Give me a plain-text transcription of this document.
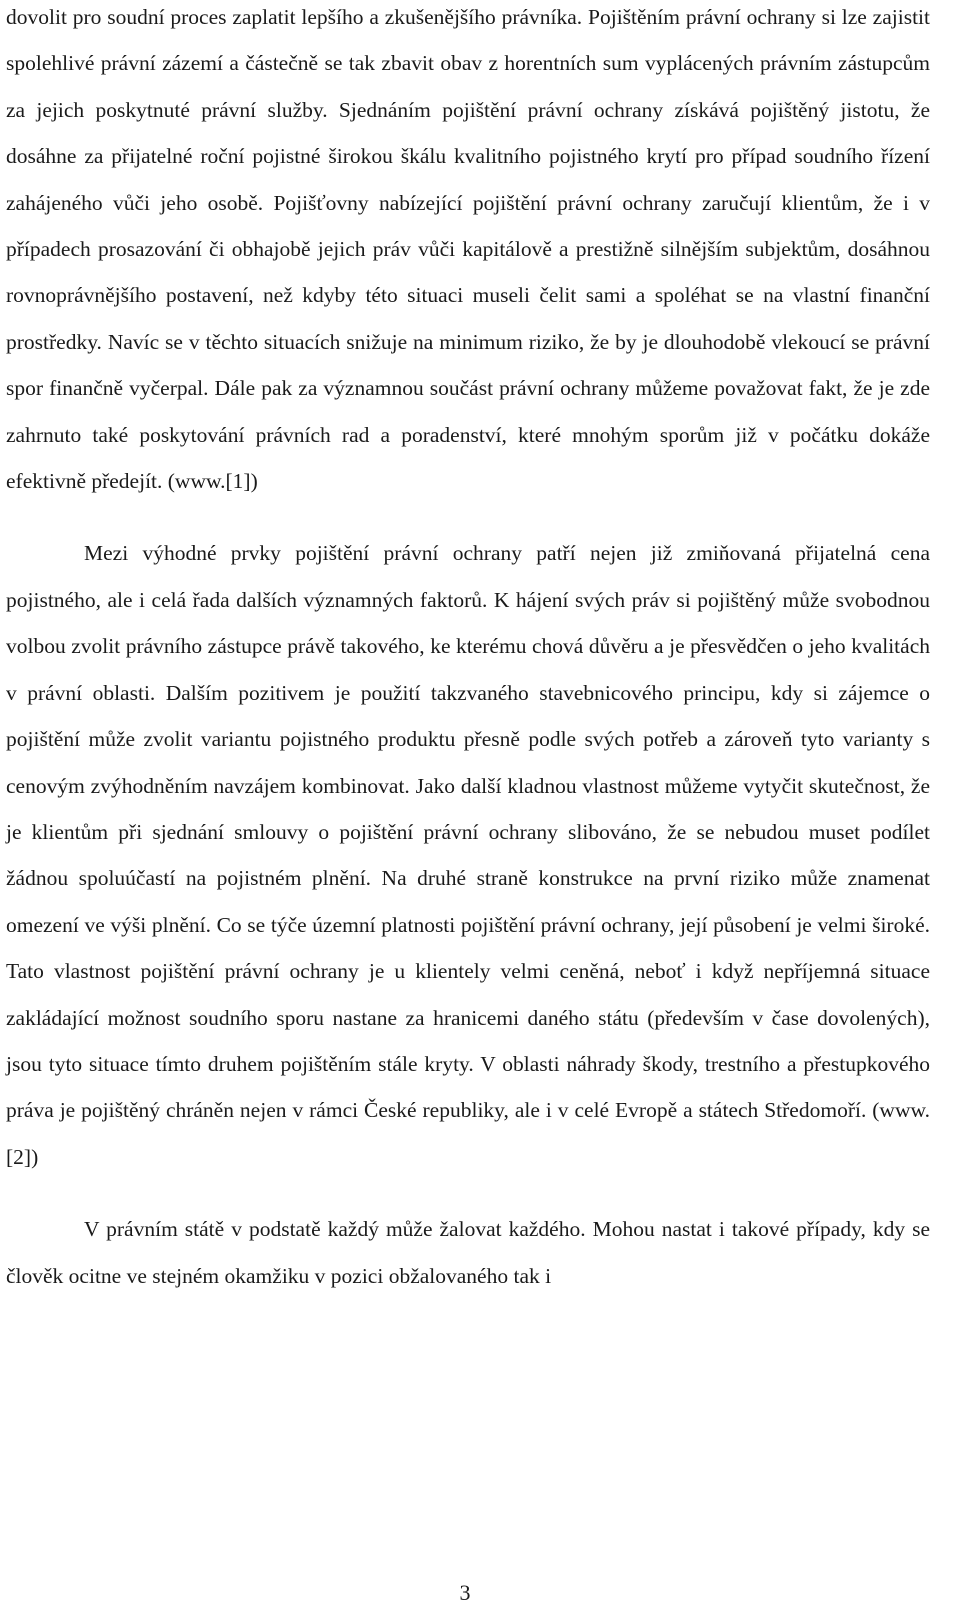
dovolit pro soudní proces zaplatit lepšího a zkušenějšího právníka. Pojištěním právní ochrany si lze zajistit spolehlivé právní zázemí a částečně se tak zbavit obav z horentních sum vyplácených právním zástupcům za jejich poskytnuté právní služby. Sjednáním pojištění právní ochrany získává pojištěný jistotu, že dosáhne za přijatelné roční pojistné širokou škálu kvalitního pojistného krytí pro případ soudního řízení zahájeného vůči jeho osobě. Pojišťovny nabízející pojištění právní ochrany zaručují klientům, že i v případech prosazování či obhajobě jejich práv vůči kapitálově a prestižně silnějším subjektům, dosáhnou rovnoprávnějšího postavení, než kdyby této situaci museli čelit sami a spoléhat se na vlastní finanční prostředky. Navíc se v těchto situacích snižuje na minimum riziko, že by je dlouhodobě vlekoucí se právní spor finančně vyčerpal. Dále pak za významnou součást právní ochrany můžeme považovat fakt, že je zde zahrnuto také poskytování právních rad a poradenství, které mnohým sporům již v počátku dokáže efektivně předejít. (www.[1])

Mezi výhodné prvky pojištění právní ochrany patří nejen již zmiňovaná přijatelná cena pojistného, ale i celá řada dalších významných faktorů. K hájení svých práv si pojištěný může svobodnou volbou zvolit právního zástupce právě takového, ke kterému chová důvěru a je přesvědčen o jeho kvalitách v právní oblasti. Dalším pozitivem je použití takzvaného stavebnicového principu, kdy si zájemce o pojištění může zvolit variantu pojistného produktu přesně podle svých potřeb a zároveň tyto varianty s cenovým zvýhodněním navzájem kombinovat. Jako další kladnou vlastnost můžeme vytyčit skutečnost, že je klientům při sjednání smlouvy o pojištění právní ochrany slibováno, že se nebudou muset podílet žádnou spoluúčastí na pojistném plnění. Na druhé straně konstrukce na první riziko může znamenat omezení ve výši plnění. Co se týče územní platnosti pojištění právní ochrany, její působení je velmi široké. Tato vlastnost pojištění právní ochrany je u klientely velmi ceněná, neboť i když nepříjemná situace zakládající možnost soudního sporu nastane za hranicemi daného státu (především v čase dovolených), jsou tyto situace tímto druhem pojištěním stále kryty. V oblasti náhrady škody, trestního a přestupkového práva je pojištěný chráněn nejen v rámci České republiky, ale i v celé Evropě a státech Středomoří. (www.[2])

V právním státě v podstatě každý může žalovat každého. Mohou nastat i takové případy, kdy se člověk ocitne ve stejném okamžiku v pozici obžalovaného tak i

3
